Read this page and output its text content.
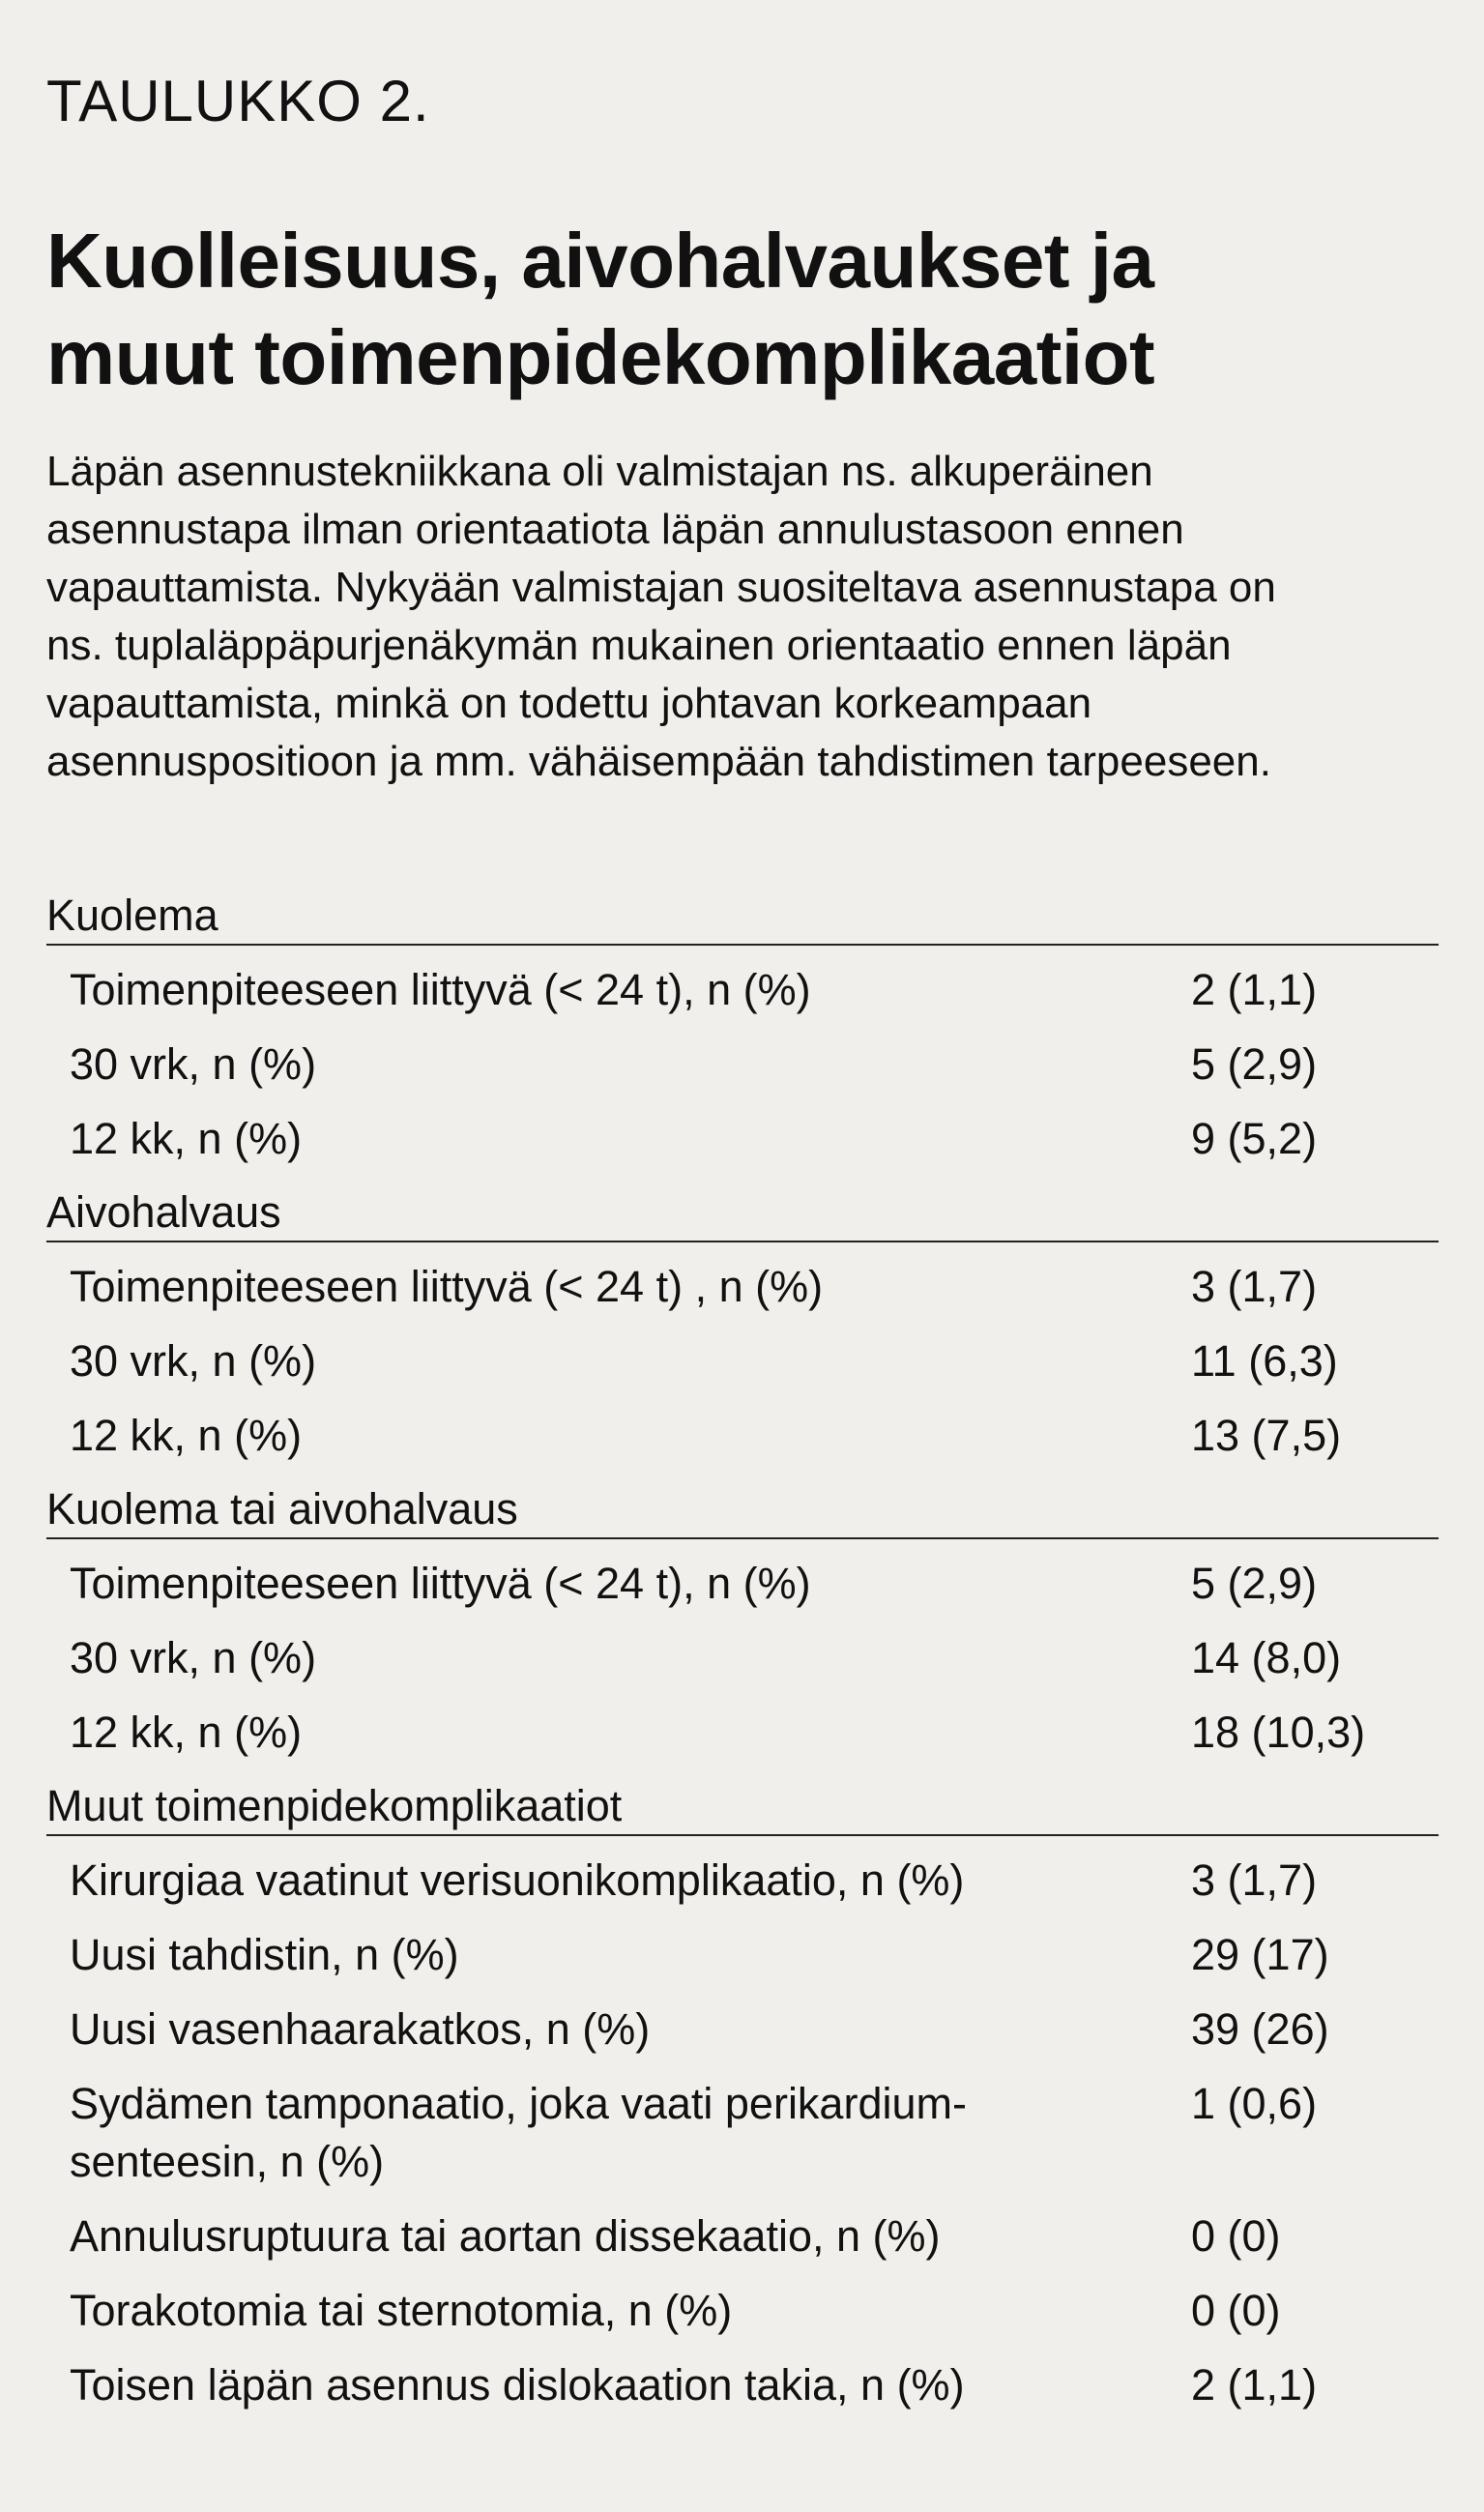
TAULUKKO 2.
Kuolleisuus, aivohalvaukset ja
muut toimenpidekomplikaatiot

Läpän asennustekniikkana oli valmistajan ns. alkuperäinen
asennustapa ilman orientaatiota läpän annulustasoon ennen
vapauttamista. Nykyään valmistajan suositeltava asennustapa on
ns. tuplaläppäpurjenäkymän mukainen orientaatio ennen läpän
vapauttamista, minkä on todettu johtavan korkeampaan
asennuspositioon ja mm. vähäisempään tahdistimen tarpeeseen.

Kuolema
Toimenpiteeseen liittyvä (< 24 t), n (%)	2 (1,1)
30 vrk, n (%)	5 (2,9)
12 kk, n (%)	9 (5,2)
Aivohalvaus
Toimenpiteeseen liittyvä (< 24 t) , n (%)	3 (1,7)
30 vrk, n (%)	11 (6,3)
12 kk, n (%)	13 (7,5)
Kuolema tai aivohalvaus
Toimenpiteeseen liittyvä (< 24 t), n (%)	5 (2,9)
30 vrk, n (%)	14 (8,0)
12 kk, n (%)	18 (10,3)
Muut toimenpidekomplikaatiot
Kirurgiaa vaatinut verisuonikomplikaatio, n (%)	3 (1,7)
Uusi tahdistin, n (%)	29 (17)
Uusi vasenhaarakatkos, n (%)	39 (26)
Sydämen tamponaatio, joka vaati perikardium-
senteesin, n (%)
1 (0,6)
Annulusruptuura tai aortan dissekaatio, n (%)	0 (0)
Torakotomia tai sternotomia, n (%)	0 (0)
Toisen läpän asennus dislokaation takia, n (%)	2 (1,1)
